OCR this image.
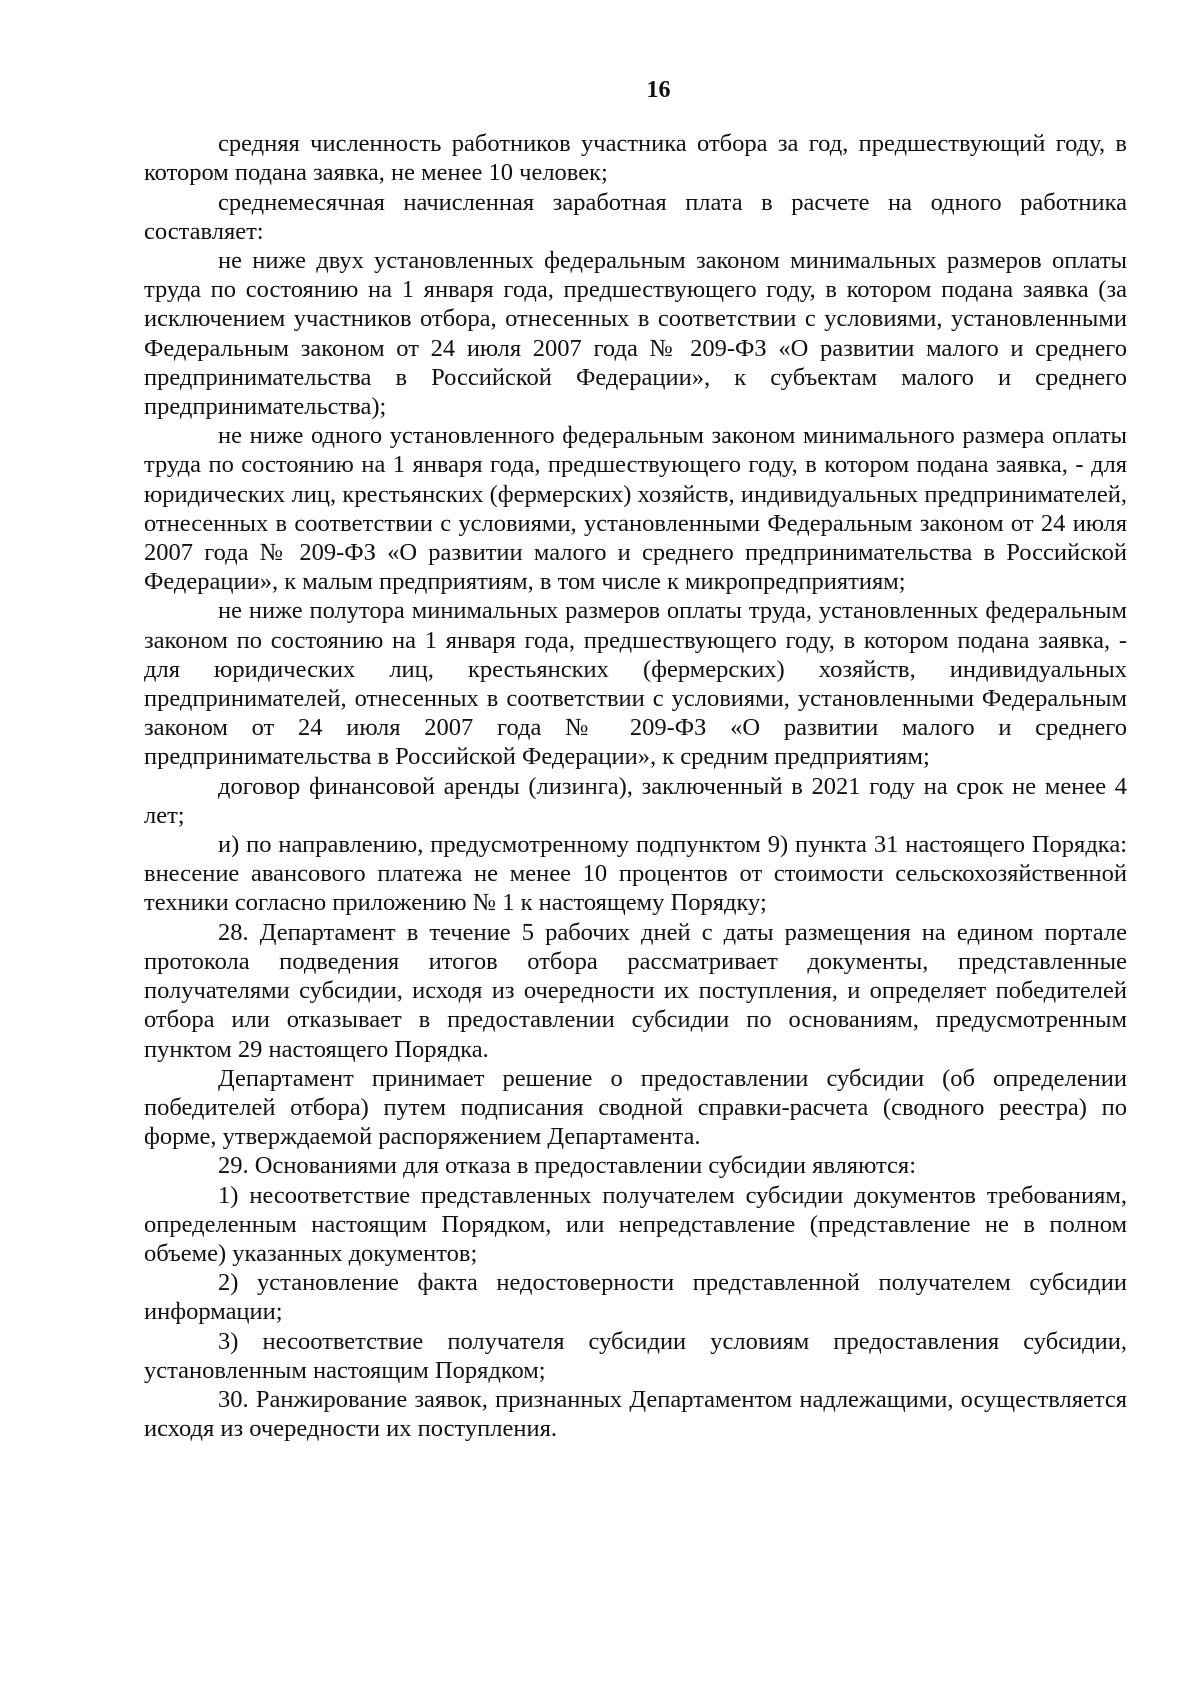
16

средняя численность работников участника отбора за год, предшествующий году, в котором подана заявка, не менее 10 человек;

среднемесячная начисленная заработная плата в расчете на одного работника составляет:

не ниже двух установленных федеральным законом минимальных размеров оплаты труда по состоянию на 1 января года, предшествующего году, в котором подана заявка (за исключением участников отбора, отнесенных в соответствии с условиями, установленными Федеральным законом от 24 июля 2007 года № 209-ФЗ «О развитии малого и среднего предпринимательства в Российской Федерации», к субъектам малого и среднего предпринимательства);

не ниже одного установленного федеральным законом минимального размера оплаты труда по состоянию на 1 января года, предшествующего году, в котором подана заявка, - для юридических лиц, крестьянских (фермерских) хозяйств, индивидуальных предпринимателей, отнесенных в соответствии с условиями, установленными Федеральным законом от 24 июля 2007 года № 209-ФЗ «О развитии малого и среднего предпринимательства в Российской Федерации», к малым предприятиям, в том числе к микропредприятиям;

не ниже полутора минимальных размеров оплаты труда, установленных федеральным законом по состоянию на 1 января года, предшествующего году, в котором подана заявка, - для юридических лиц, крестьянских (фермерских) хозяйств, индивидуальных предпринимателей, отнесенных в соответствии с условиями, установленными Федеральным законом от 24 июля 2007 года № 209-ФЗ «О развитии малого и среднего предпринимательства в Российской Федерации», к средним предприятиям;

договор финансовой аренды (лизинга), заключенный в 2021 году на срок не менее 4 лет;

и) по направлению, предусмотренному подпунктом 9) пункта 31 настоящего Порядка: внесение авансового платежа не менее 10 процентов от стоимости сельскохозяйственной техники согласно приложению № 1 к настоящему Порядку;

28. Департамент в течение 5 рабочих дней с даты размещения на едином портале протокола подведения итогов отбора рассматривает документы, представленные получателями субсидии, исходя из очередности их поступления, и определяет победителей отбора или отказывает в предоставлении субсидии по основаниям, предусмотренным пунктом 29 настоящего Порядка.

Департамент принимает решение о предоставлении субсидии (об определении победителей отбора) путем подписания сводной справки-расчета (сводного реестра) по форме, утверждаемой распоряжением Департамента.

29. Основаниями для отказа в предоставлении субсидии являются:

1) несоответствие представленных получателем субсидии документов требованиям, определенным настоящим Порядком, или непредставление (представление не в полном объеме) указанных документов;

2) установление факта недостоверности представленной получателем субсидии информации;

3) несоответствие получателя субсидии условиям предоставления субсидии, установленным настоящим Порядком;

30. Ранжирование заявок, признанных Департаментом надлежащими, осуществляется исходя из очередности их поступления.
